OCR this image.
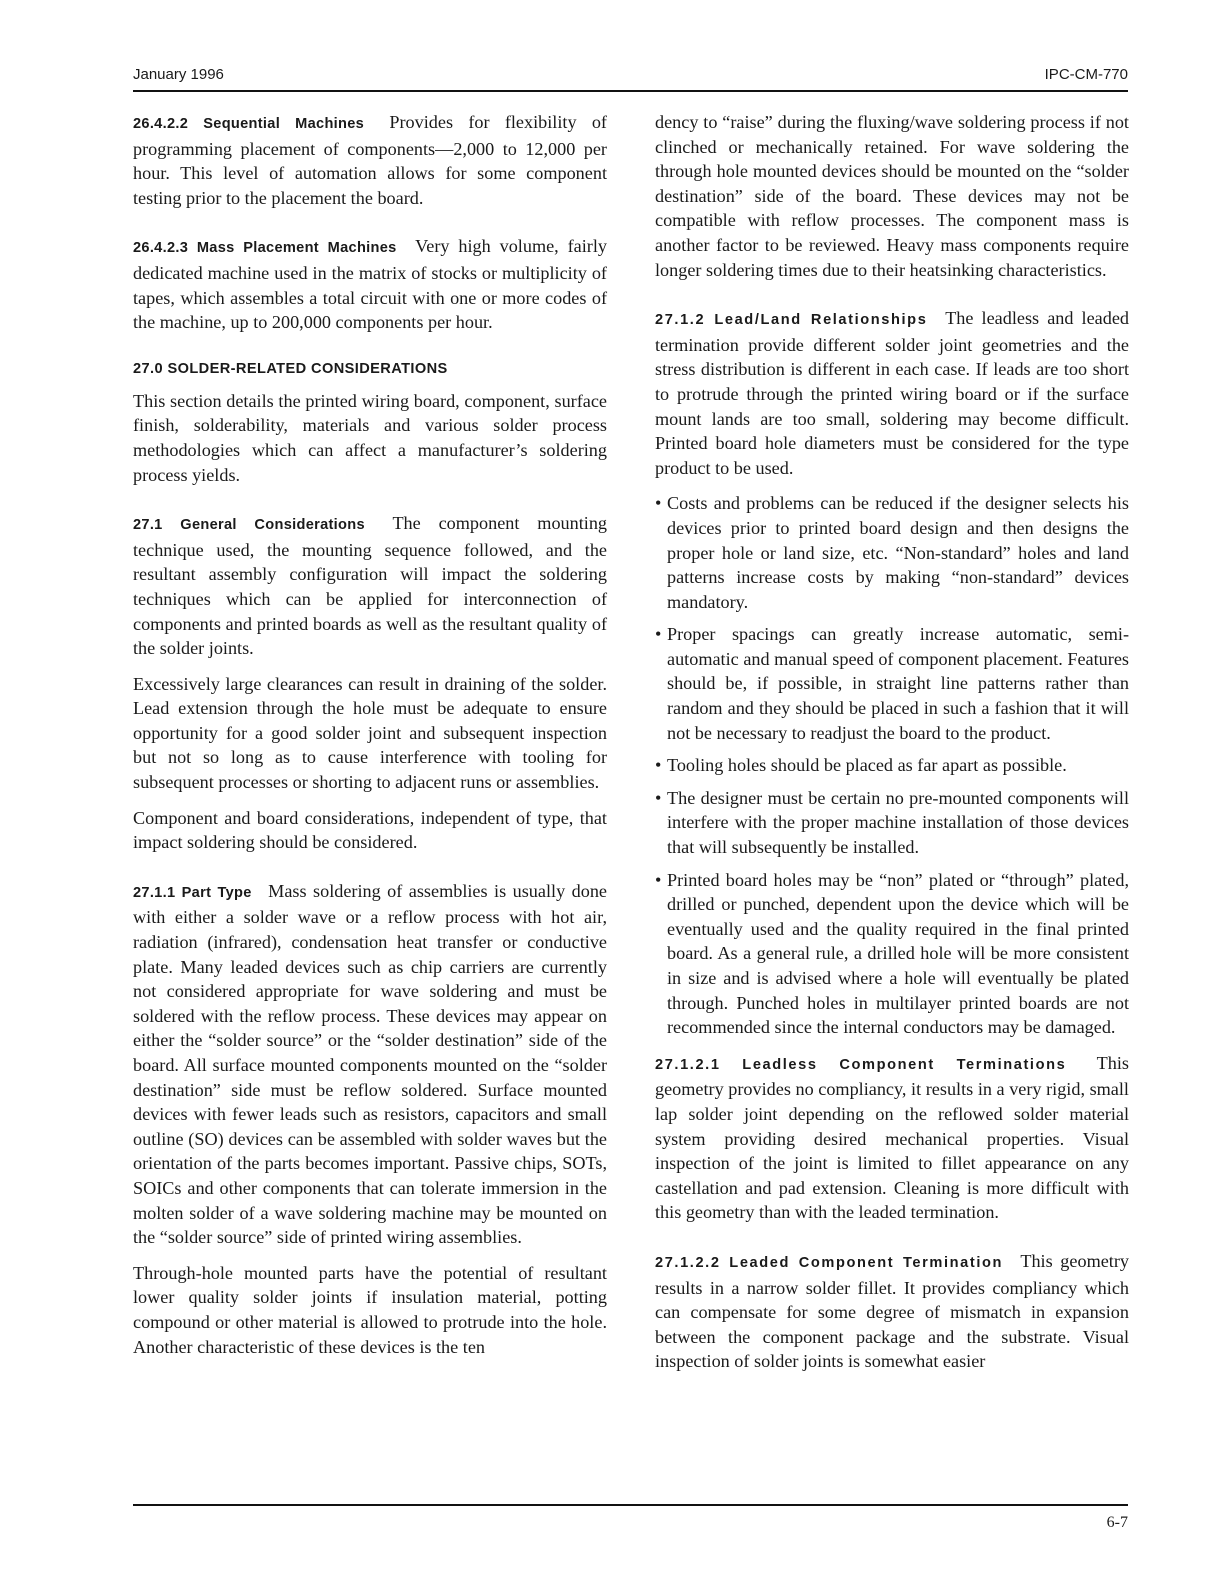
January 1996	IPC-CM-770

26.4.2.2 Sequential Machines Provides for flexibility of programming placement of components—2,000 to 12,000 per hour. This level of automation allows for some component testing prior to the placement the board.

26.4.2.3 Mass Placement Machines Very high volume, fairly dedicated machine used in the matrix of stocks or multiplicity of tapes, which assembles a total circuit with one or more codes of the machine, up to 200,000 components per hour.

27.0 SOLDER-RELATED CONSIDERATIONS

This section details the printed wiring board, component, surface finish, solderability, materials and various solder process methodologies which can affect a manufacturer’s soldering process yields.

27.1 General Considerations The component mounting technique used, the mounting sequence followed, and the resultant assembly configuration will impact the soldering techniques which can be applied for interconnection of components and printed boards as well as the resultant quality of the solder joints.

Excessively large clearances can result in draining of the solder. Lead extension through the hole must be adequate to ensure opportunity for a good solder joint and subsequent inspection but not so long as to cause interference with tooling for subsequent processes or shorting to adjacent runs or assemblies.

Component and board considerations, independent of type, that impact soldering should be considered.

27.1.1 Part Type Mass soldering of assemblies is usually done with either a solder wave or a reflow process with hot air, radiation (infrared), condensation heat transfer or conductive plate. Many leaded devices such as chip carriers are currently not considered appropriate for wave soldering and must be soldered with the reflow process. These devices may appear on either the “solder source” or the “solder destination” side of the board. All surface mounted components mounted on the “solder destination” side must be reflow soldered. Surface mounted devices with fewer leads such as resistors, capacitors and small outline (SO) devices can be assembled with solder waves but the orientation of the parts becomes important. Passive chips, SOTs, SOICs and other components that can tolerate immersion in the molten solder of a wave soldering machine may be mounted on the “solder source” side of printed wiring assemblies.

Through-hole mounted parts have the potential of resultant lower quality solder joints if insulation material, potting compound or other material is allowed to protrude into the hole. Another characteristic of these devices is the ten

dency to “raise” during the fluxing/wave soldering process if not clinched or mechanically retained. For wave soldering the through hole mounted devices should be mounted on the “solder destination” side of the board. These devices may not be compatible with reflow processes. The component mass is another factor to be reviewed. Heavy mass components require longer soldering times due to their heatsinking characteristics.

27.1.2 Lead/Land Relationships The leadless and leaded termination provide different solder joint geometries and the stress distribution is different in each case. If leads are too short to protrude through the printed wiring board or if the surface mount lands are too small, soldering may become difficult. Printed board hole diameters must be considered for the type product to be used.

• Costs and problems can be reduced if the designer selects his devices prior to printed board design and then designs the proper hole or land size, etc. “Non-standard” holes and land patterns increase costs by making “non-standard” devices mandatory.
• Proper spacings can greatly increase automatic, semi-automatic and manual speed of component placement. Features should be, if possible, in straight line patterns rather than random and they should be placed in such a fashion that it will not be necessary to readjust the board to the product.
• Tooling holes should be placed as far apart as possible.
• The designer must be certain no pre-mounted components will interfere with the proper machine installation of those devices that will subsequently be installed.
• Printed board holes may be “non” plated or “through” plated, drilled or punched, dependent upon the device which will be eventually used and the quality required in the final printed board. As a general rule, a drilled hole will be more consistent in size and is advised where a hole will eventually be plated through. Punched holes in multilayer printed boards are not recommended since the internal conductors may be damaged.

27.1.2.1 Leadless Component Terminations This geometry provides no compliancy, it results in a very rigid, small lap solder joint depending on the reflowed solder material system providing desired mechanical properties. Visual inspection of the joint is limited to fillet appearance on any castellation and pad extension. Cleaning is more difficult with this geometry than with the leaded termination.

27.1.2.2 Leaded Component Termination This geometry results in a narrow solder fillet. It provides compliancy which can compensate for some degree of mismatch in expansion between the component package and the substrate. Visual inspection of solder joints is somewhat easier

6-7
